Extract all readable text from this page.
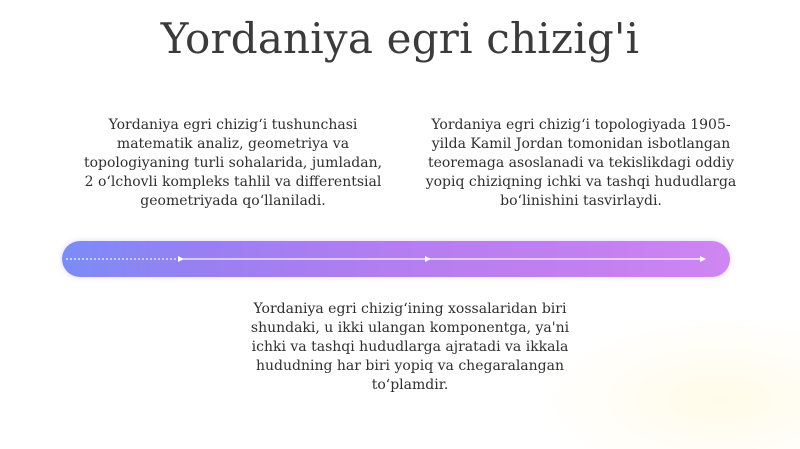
Yordaniya egri chizig'i
Yordaniya egri chizigʻi tushunchasi matematik analiz, geometriya va topologiyaning turli sohalarida, jumladan, 2 oʻlchovli kompleks tahlil va differentsial geometriyada qoʻllaniladi.
Yordaniya egri chizigʻi topologiyada 1905-yilda Kamil Jordan tomonidan isbotlangan teoremaga asoslanadi va tekislikdagi oddiy yopiq chiziqning ichki va tashqi hududlarga boʻlinishini tasvirlaydi.
Yordaniya egri chizigʻining xossalaridan biri shundaki, u ikki ulangan komponentga, ya'ni ichki va tashqi hududlarga ajratadi va ikkala hududning har biri yopiq va chegaralangan toʻplamdir.
